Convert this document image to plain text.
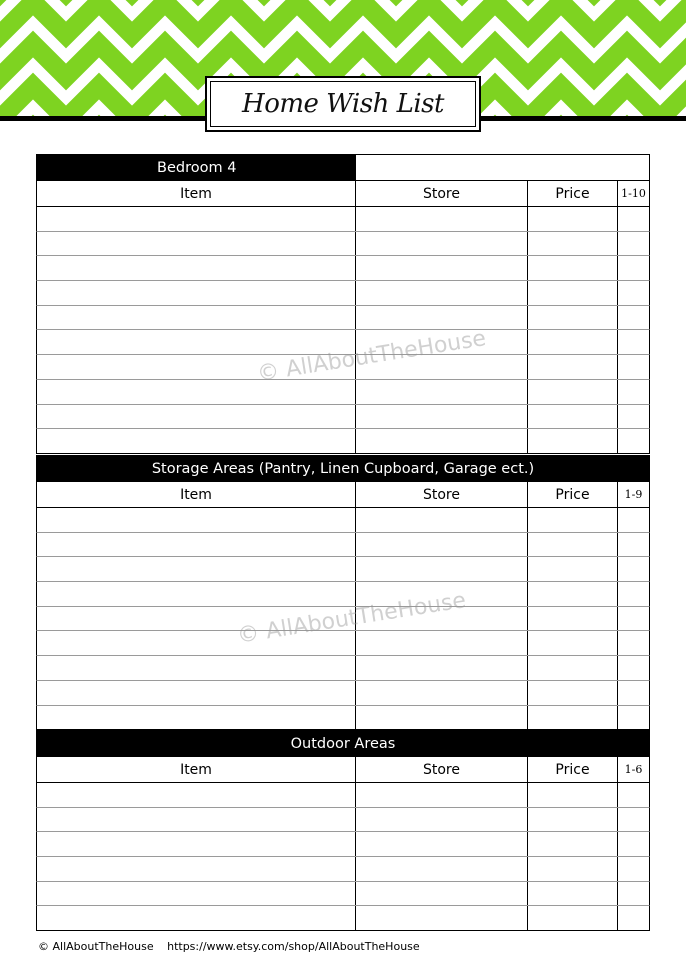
Home Wish List
Bedroom 4
Item	Store	Price	1-10
Storage Areas (Pantry, Linen Cupboard, Garage ect.)
Item	Store	Price	1-9
Outdoor Areas
Item	Store	Price	1-6
© AllAboutTheHouse
© AllAboutTheHouse
© AllAboutTheHouse https://www.etsy.com/shop/AllAboutTheHouse
